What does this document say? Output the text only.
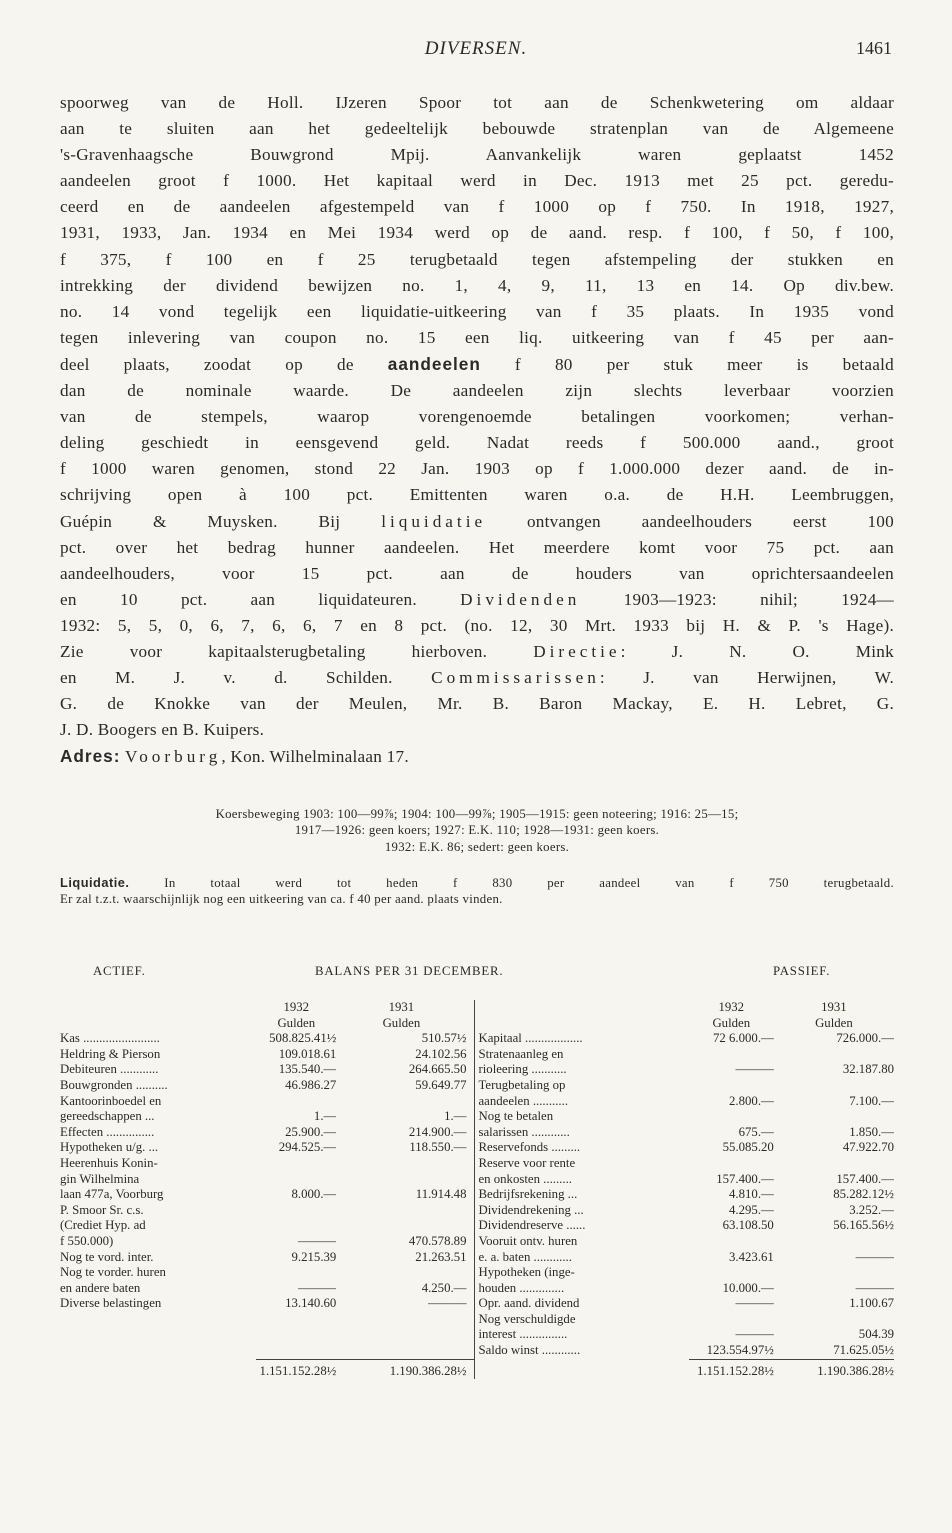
DIVERSEN.	1461
spoorweg van de Holl. IJzeren Spoor tot aan de Schenkwetering om aldaar
aan te sluiten aan het gedeeltelijk bebouwde stratenplan van de Algemeene
's-Gravenhaagsche Bouwgrond Mpij. Aanvankelijk waren geplaatst 1452
aandeelen groot f 1000. Het kapitaal werd in Dec. 1913 met 25 pct. geredu-
ceerd en de aandeelen afgestempeld van f 1000 op f 750. In 1918, 1927,
1931, 1933, Jan. 1934 en Mei 1934 werd op de aand. resp. f 100, f 50, f 100,
f 375, f 100 en f 25 terugbetaald tegen afstempeling der stukken en
intrekking der dividend bewijzen no. 1, 4, 9, 11, 13 en 14. Op div.bew.
no. 14 vond tegelijk een liquidatie-uitkeering van f 35 plaats. In 1935 vond
tegen inlevering van coupon no. 15 een liq. uitkeering van f 45 per aan-
deel plaats, zoodat op de aandeelen f 80 per stuk meer is betaald
dan de nominale waarde. De aandeelen zijn slechts leverbaar voorzien
van de stempels, waarop vorengenoemde betalingen voorkomen; verhan-
deling geschiedt in eensgevend geld. Nadat reeds f 500.000 aand., groot
f 1000 waren genomen, stond 22 Jan. 1903 op f 1.000.000 dezer aand. de in-
schrijving open à 100 pct. Emittenten waren o.a. de H.H. Leembruggen,
Guépin & Muysken. Bij liquidatie ontvangen aandeelhouders eerst 100
pct. over het bedrag hunner aandeelen. Het meerdere komt voor 75 pct. aan
aandeelhouders, voor 15 pct. aan de houders van oprichtersaandeelen
en 10 pct. aan liquidateuren. Dividenden 1903—1923: nihil; 1924—
1932: 5, 5, 0, 6, 7, 6, 6, 7 en 8 pct. (no. 12, 30 Mrt. 1933 bij H. & P. 's Hage).
Zie voor kapitaalsterugbetaling hierboven. Directie: J. N. O. Mink
en M. J. v. d. Schilden. Commissarissen: J. van Herwijnen, W.
G. de Knokke van der Meulen, Mr. B. Baron Mackay, E. H. Lebret, G.
J. D. Boogers en B. Kuipers.
Adres: Voorburg, Kon. Wilhelminalaan 17.
Koersbeweging 1903: 100—99⅞; 1904: 100—99⅞; 1905—1915: geen noteering; 1916: 25—15;
1917—1926: geen koers; 1927: E.K. 110; 1928—1931: geen koers.
1932: E.K. 86; sedert: geen koers.
Liquidatie. In totaal werd tot heden f 830 per aandeel van f 750 terugbetaald.
Er zal t.z.t. waarschijnlijk nog een uitkeering van ca. f 40 per aand. plaats vinden.
ACTIEF.	BALANS PER 31 DECEMBER.	PASSIEF.
	1932	1931		1932	1931
	Gulden	Gulden		Gulden	Gulden
Kas ........................	508.825.41½	510.57½	Kapitaal ..................	72 6.000.—	726.000.—
Heldring & Pierson	109.018.61	24.102.56	Stratenaanleg en		
Debiteuren ............	135.540.—	264.665.50	rioleering ...........	———	32.187.80
Bouwgronden ..........	46.986.27	59.649.77	Terugbetaling op		
Kantoorinboedel en			aandeelen ...........	2.800.—	7.100.—
gereedschappen ...	1.—	1.—	Nog te betalen		
Effecten ...............	25.900.—	214.900.—	salarissen ............	675.—	1.850.—
Hypotheken u/g. ...	294.525.—	118.550.—	Reservefonds .........	55.085.20	47.922.70
Heerenhuis Konin-			Reserve voor rente		
gin Wilhelmina			en onkosten .........	157.400.—	157.400.—
laan 477a, Voorburg	8.000.—	11.914.48	Bedrijfsrekening ...	4.810.—	85.282.12½
P. Smoor Sr. c.s.			Dividendrekening ...	4.295.—	3.252.—
(Crediet Hyp. ad			Dividendreserve ......	63.108.50	56.165.56½
f 550.000)	———	470.578.89	Vooruit ontv. huren		
Nog te vord. inter.	9.215.39	21.263.51	e. a. baten ............	3.423.61	———
Nog te vorder. huren			Hypotheken (inge-		
en andere baten	———	4.250.—	houden ..............	10.000.—	———
Diverse belastingen	13.140.60	———	Opr. aand. dividend	———	1.100.67
			Nog verschuldigde		
			interest ...............	———	504.39
			Saldo winst ............	123.554.97½	71.625.05½
	1.151.152.28½	1.190.386.28½		1.151.152.28½	1.190.386.28½
